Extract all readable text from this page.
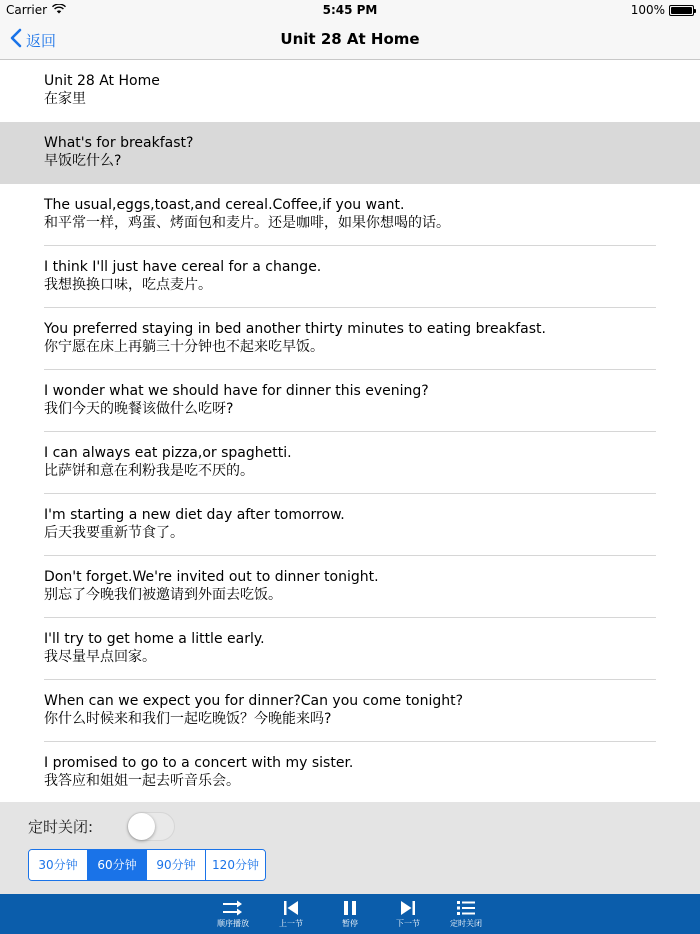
Carrier	5:45 PM	100%
返回	Unit 28 At Home
Unit 28 At Home
在家里
What's for breakfast?
早饭吃什么?
The usual,eggs,toast,and cereal.Coffee,if you want.
和平常一样，鸡蛋、烤面包和麦片。还是咖啡，如果你想喝的话。
I think I'll just have cereal for a change.
我想换换口味，吃点麦片。
You preferred staying in bed another thirty minutes to eating breakfast.
你宁愿在床上再躺三十分钟也不起来吃早饭。
I wonder what we should have for dinner this evening?
我们今天的晚餐该做什么吃呀?
I can always eat pizza,or spaghetti.
比萨饼和意在利粉我是吃不厌的。
I'm starting a new diet day after tomorrow.
后天我要重新节食了。
Don't forget.We're invited out to dinner tonight.
别忘了今晚我们被邀请到外面去吃饭。
I'll try to get home a little early.
我尽量早点回家。
When can we expect you for dinner?Can you come tonight?
你什么时候来和我们一起吃晚饭？今晚能来吗?
I promised to go to a concert with my sister.
我答应和姐姐一起去听音乐会。
定时关闭:
30分钟	60分钟	90分钟	120分钟
顺序播放	上一节	暂停	下一节	定时关闭
